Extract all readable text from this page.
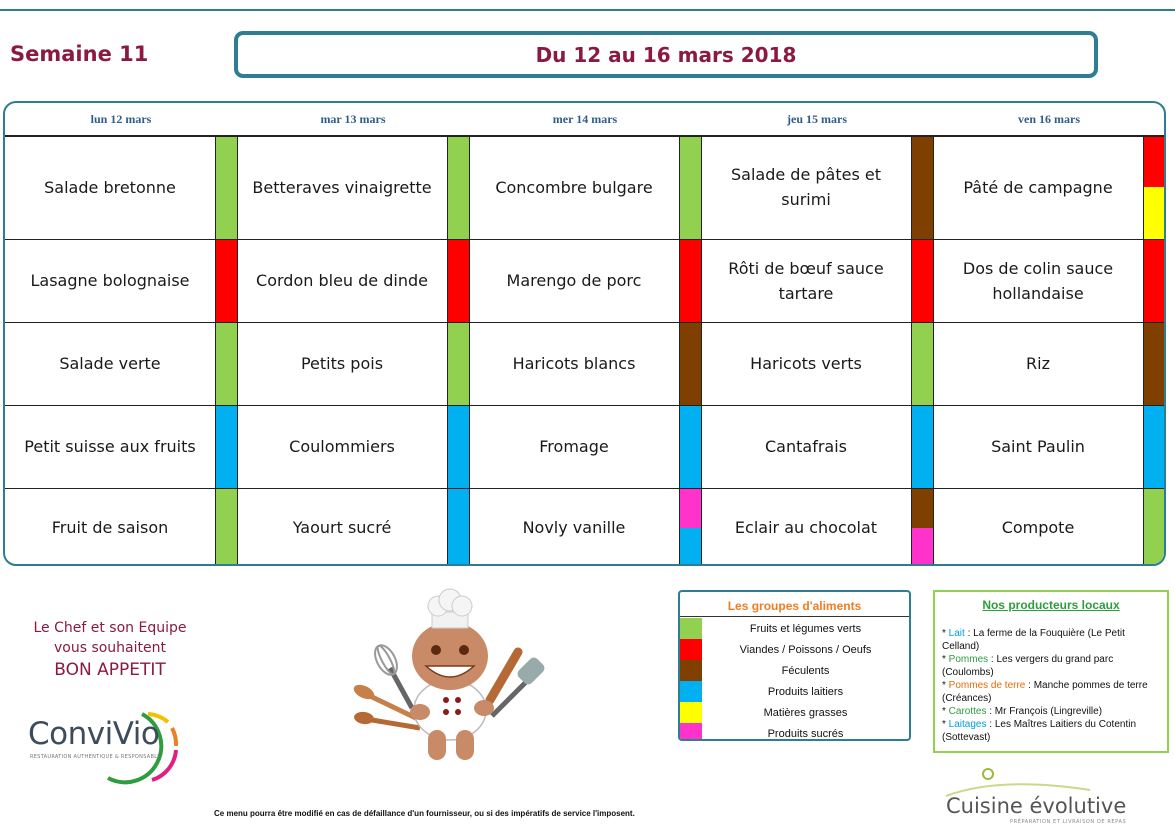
Semaine 11	Du 12 au 16 mars 2018
lun 12 mars
Salade bretonne
Lasagne bolognaise
Salade verte
Petit suisse aux fruits
Fruit de saison
mar 13 mars
Betteraves vinaigrette
Cordon bleu de dinde
Petits pois
Coulommiers
Yaourt sucré
mer 14 mars
Concombre bulgare
Marengo de porc
Haricots blancs
Fromage
Novly vanille
jeu 15 mars
Salade de pâtes et surimi
Rôti de bœuf sauce tartare
Haricots verts
Cantafrais
Eclair au chocolat
ven 16 mars
Pâté de campagne
Dos de colin sauce hollandaise
Riz
Saint Paulin
Compote
Le Chef et son Equipe
vous souhaitent
BON APPETIT
ConviVio
RESTAURATION AUTHENTIQUE & RESPONSABLE
Les groupes d'aliments
Fruits et légumes verts
Viandes / Poissons / Oeufs
Féculents
Produits laitiers
Matières grasses
Produits sucrés
Nos producteurs locaux

* Lait : La ferme de la Fouquière (Le Petit Celland)

* Pommes : Les vergers du grand parc (Coulombs)

* Pommes de terre : Manche pommes de terre (Créances)

* Carottes : Mr François (Lingreville)

* Laitages : Les Maîtres Laitiers du Cotentin (Sottevast)

Cuisine évolutive
PRÉPARATION ET LIVRAISON DE REPAS
Ce menu pourra être modifié en cas de défaillance d'un fournisseur, ou si des impératifs de service l'imposent.
